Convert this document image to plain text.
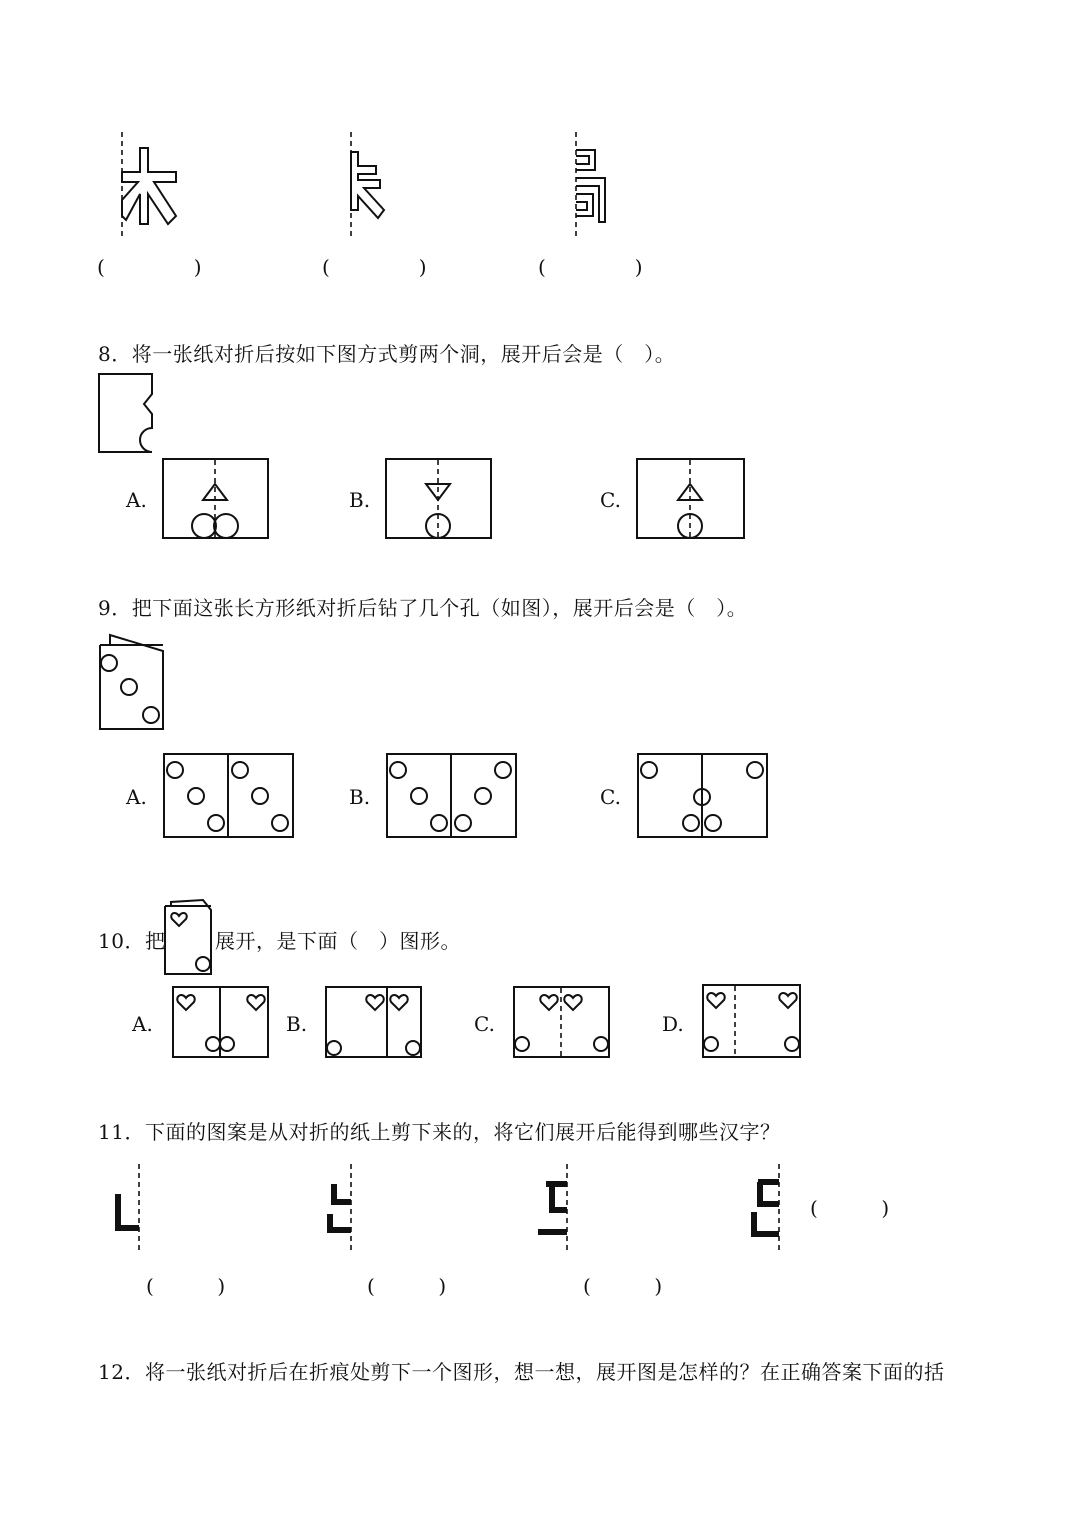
(              )	(              )	(              )
8．将一张纸对折后按如下图方式剪两个洞，展开后会是（　）。
A.	B.	C.
9．把下面这张长方形纸对折后钻了几个孔（如图），展开后会是（　）。
A.	B.	C.
10．把 展开，是下面（　）图形。
A.	B.	C.	D.
11．下面的图案是从对折的纸上剪下来的，将它们展开后能得到哪些汉字？
(          )
(          )	(          )	(          )
12．将一张纸对折后在折痕处剪下一个图形，想一想，展开图是怎样的？在正确答案下面的括
